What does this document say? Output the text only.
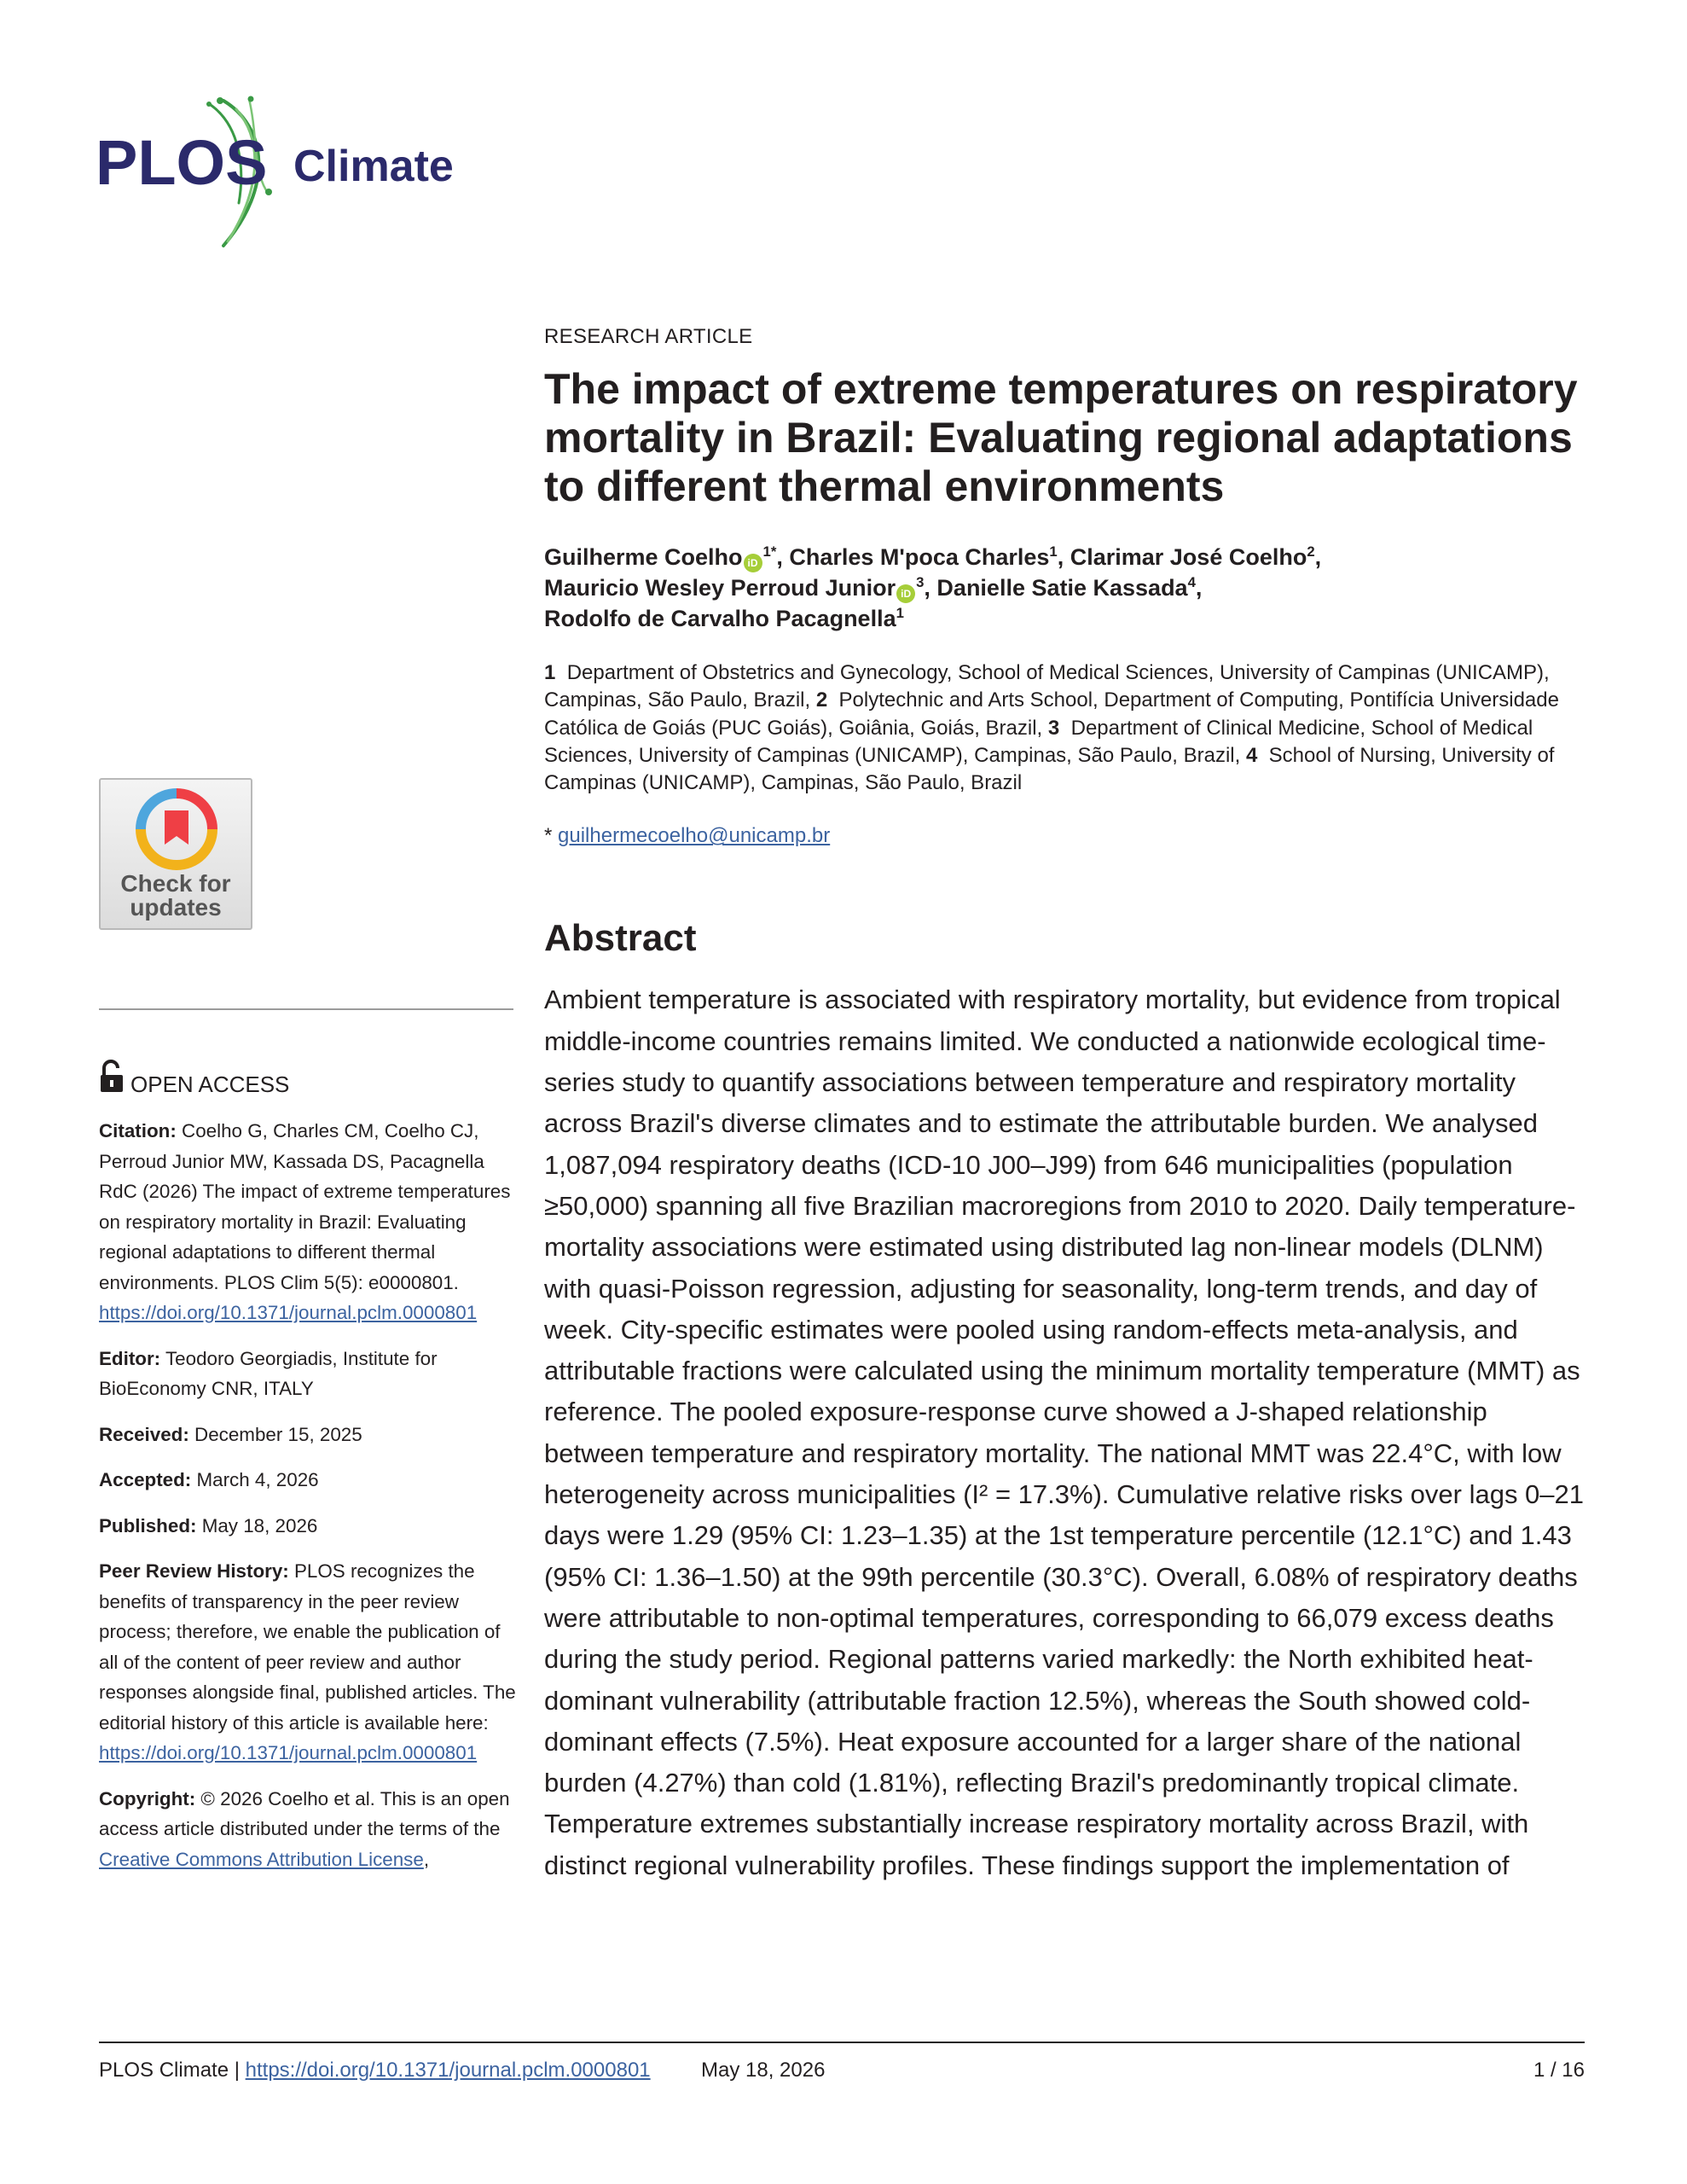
PLOS Climate
Check for
updates
OPEN ACCESS

Citation: Coelho G, Charles CM, Coelho CJ, Perroud Junior MW, Kassada DS, Pacagnella RdC (2026) The impact of extreme temperatures on respiratory mortality in Brazil: Evaluating regional adaptations to different thermal environments. PLOS Clim 5(5): e0000801. https://doi.org/10.1371/journal.pclm.0000801

Editor: Teodoro Georgiadis, Institute for BioEconomy CNR, ITALY

Received: December 15, 2025

Accepted: March 4, 2026

Published: May 18, 2026

Peer Review History: PLOS recognizes the benefits of transparency in the peer review process; therefore, we enable the publication of all of the content of peer review and author responses alongside final, published articles. The editorial history of this article is available here: https://doi.org/10.1371/journal.pclm.0000801

Copyright: © 2026 Coelho et al. This is an open access article distributed under the terms of the Creative Commons Attribution License,

RESEARCH ARTICLE

The impact of extreme temperatures on respiratory mortality in Brazil: Evaluating regional adaptations to different thermal environments
Guilherme Coelho $iD^{1*}$, Charles M'poca Charles$^1$, Clarimar José Coelho$^2$,
Mauricio Wesley Perroud Junior $iD^3$, Danielle Satie Kassada$^4$,
Rodolfo de Carvalho Pacagnella$^1$
1 Department of Obstetrics and Gynecology, School of Medical Sciences, University of Campinas (UNICAMP), Campinas, São Paulo, Brazil, 2 Polytechnic and Arts School, Department of Computing, Pontifícia Universidade Católica de Goiás (PUC Goiás), Goiânia, Goiás, Brazil, 3 Department of Clinical Medicine, School of Medical Sciences, University of Campinas (UNICAMP), Campinas, São Paulo, Brazil, 4 School of Nursing, University of Campinas (UNICAMP), Campinas, São Paulo, Brazil
* guilhermecoelho@unicamp.br
Abstract

Ambient temperature is associated with respiratory mortality, but evidence from tropical middle-income countries remains limited. We conducted a nationwide ecological time-series study to quantify associations between temperature and respiratory mortality across Brazil's diverse climates and to estimate the attributable burden. We analysed 1,087,094 respiratory deaths (ICD-10 J00–J99) from 646 municipalities (population ≥50,000) spanning all five Brazilian macroregions from 2010 to 2020. Daily temperature-mortality associations were estimated using distributed lag non-linear models (DLNM) with quasi-Poisson regression, adjusting for seasonality, long-term trends, and day of week. City-specific estimates were pooled using random-effects meta-analysis, and attributable fractions were calculated using the minimum mortality temperature (MMT) as reference. The pooled exposure-response curve showed a J-shaped relationship between temperature and respiratory mortality. The national MMT was 22.4°C, with low heterogeneity across municipalities (I² = 17.3%). Cumulative relative risks over lags 0–21 days were 1.29 (95% CI: 1.23–1.35) at the 1st temperature percentile (12.1°C) and 1.43 (95% CI: 1.36–1.50) at the 99th percentile (30.3°C). Overall, 6.08% of respiratory deaths were attributable to non-optimal temperatures, corresponding to 66,079 excess deaths during the study period. Regional patterns varied markedly: the North exhibited heat-dominant vulnerability (attributable fraction 12.5%), whereas the South showed cold-dominant effects (7.5%). Heat exposure accounted for a larger share of the national burden (4.27%) than cold (1.81%), reflecting Brazil's predominantly tropical climate. Temperature extremes substantially increase respiratory mortality across Brazil, with distinct regional vulnerability profiles. These findings support the implementation of

PLOS Climate | https://doi.org/10.1371/journal.pclm.0000801 May 18, 2026	1 / 16
